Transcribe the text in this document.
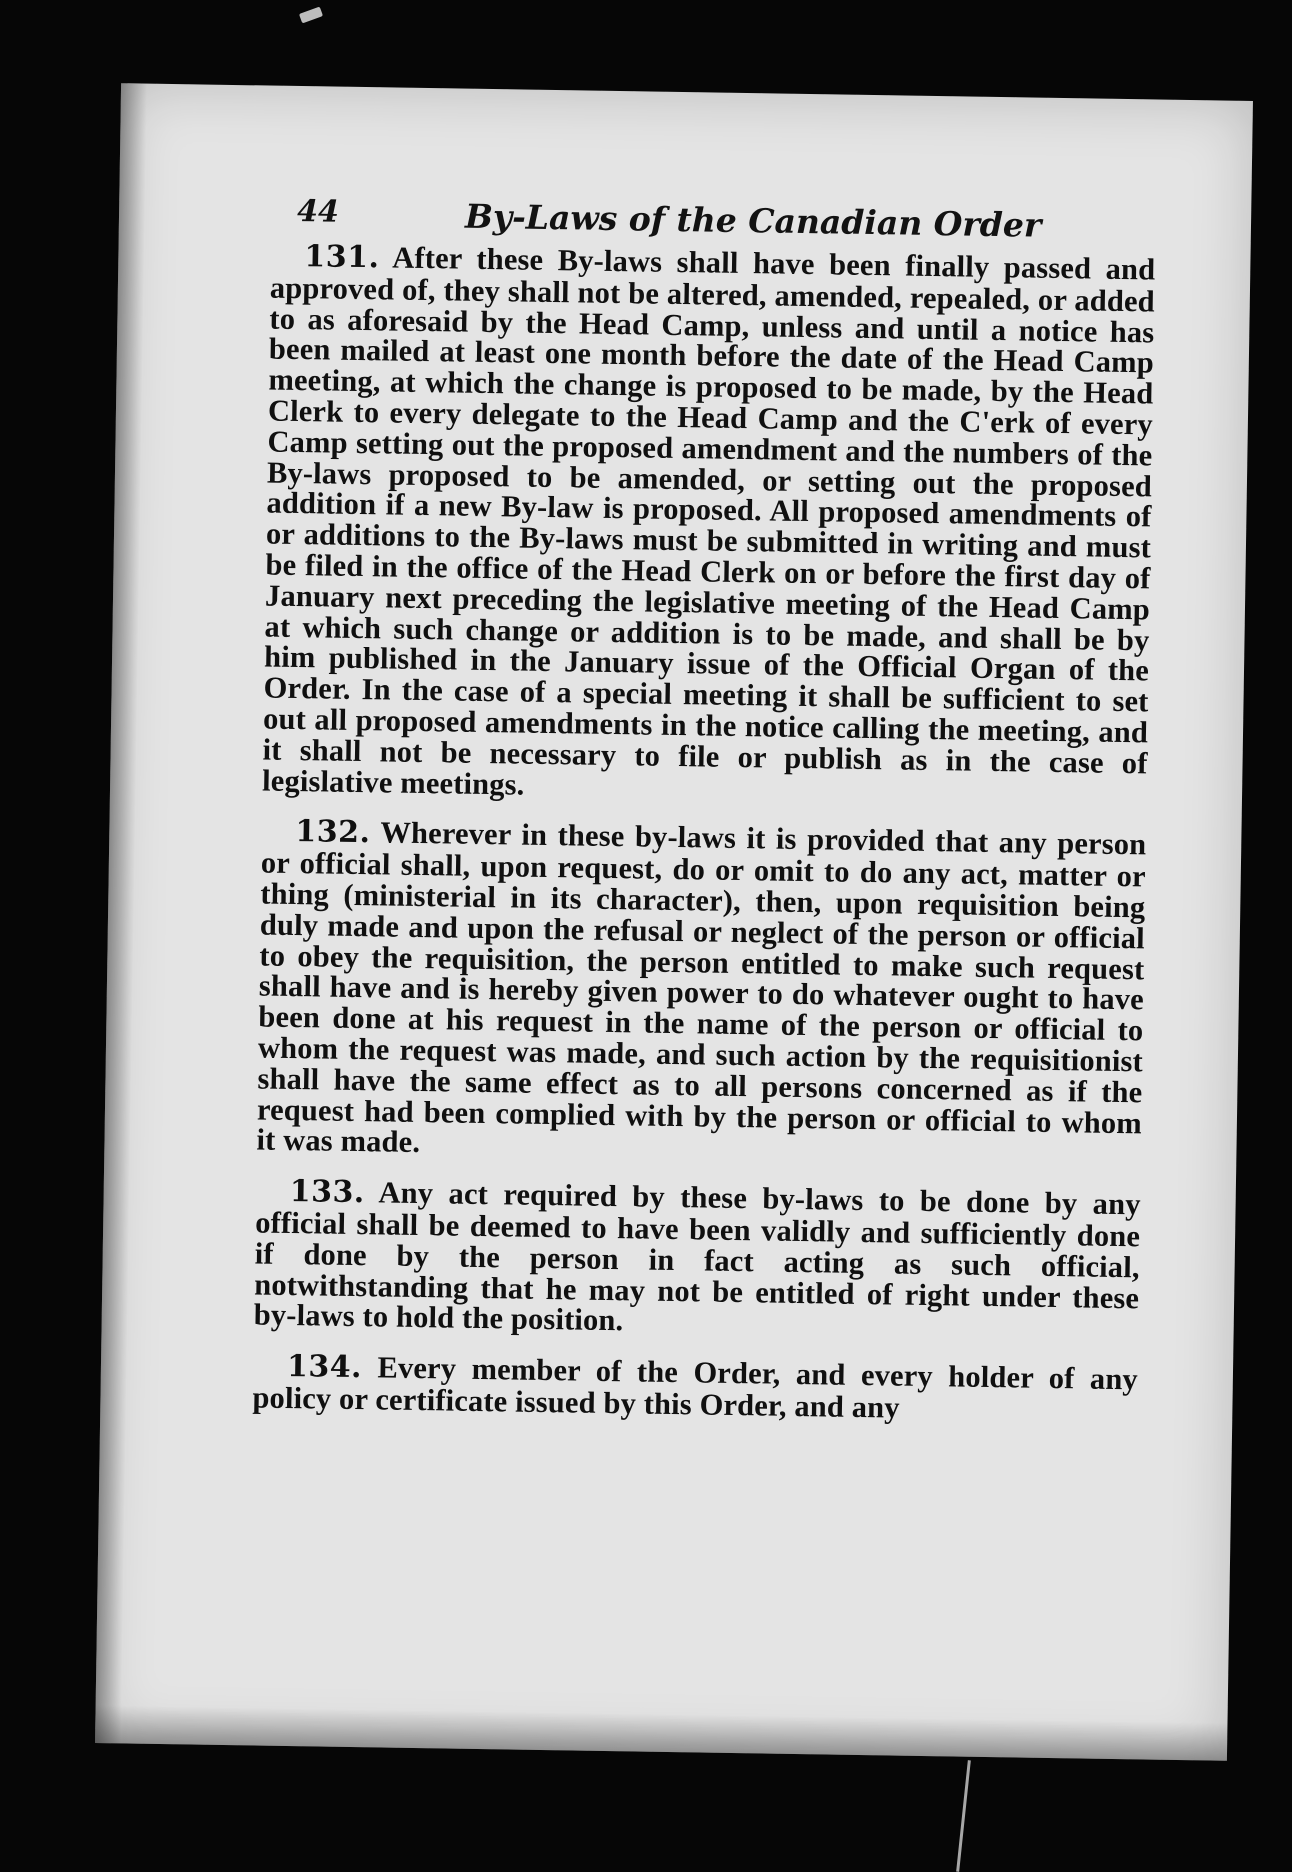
44	By-Laws of the Canadian Order

131. After these By-laws shall have been finally passed and approved of, they shall not be altered, amended, repealed, or added to as aforesaid by the Head Camp, unless and until a notice has been mailed at least one month before the date of the Head Camp meeting, at which the change is proposed to be made, by the Head Clerk to every delegate to the Head Camp and the C'erk of every Camp setting out the proposed amendment and the numbers of the By-laws proposed to be amended, or setting out the proposed addition if a new By-law is proposed. All proposed amendments of or additions to the By-laws must be submitted in writing and must be filed in the office of the Head Clerk on or before the first day of January next preceding the legislative meeting of the Head Camp at which such change or addition is to be made, and shall be by him published in the January issue of the Official Organ of the Order. In the case of a special meeting it shall be sufficient to set out all proposed amendments in the notice calling the meeting, and it shall not be necessary to file or publish as in the case of legislative meetings.

132. Wherever in these by-laws it is provided that any person or official shall, upon request, do or omit to do any act, matter or thing (ministerial in its character), then, upon requisition being duly made and upon the refusal or neglect of the person or official to obey the requisition, the person entitled to make such request shall have and is hereby given power to do whatever ought to have been done at his request in the name of the person or official to whom the request was made, and such action by the requisitionist shall have the same effect as to all persons concerned as if the request had been complied with by the person or official to whom it was made.

133. Any act required by these by-laws to be done by any official shall be deemed to have been validly and sufficiently done if done by the person in fact acting as such official, notwithstanding that he may not be entitled of right under these by-laws to hold the position.

134. Every member of the Order, and every holder of any policy or certificate issued by this Order, and any
